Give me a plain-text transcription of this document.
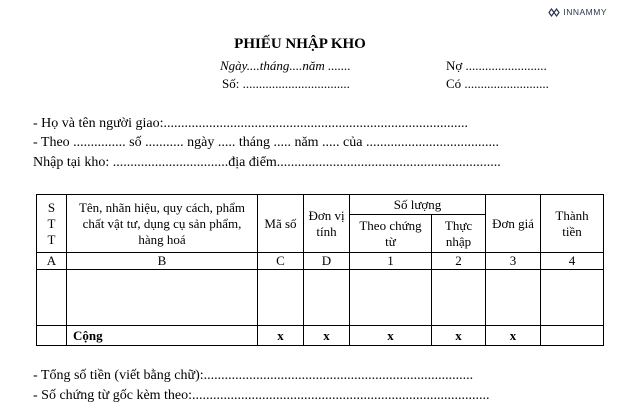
INNAMMY
PHIẾU NHẬP KHO
Ngày....tháng....năm .......
Số: .................................
Nợ .........................
Có ..........................
- Họ và tên người giao:.......................................................................................
- Theo ............... số ........... ngày ..... tháng ..... năm ..... của ......................................
Nhập tại kho: .................................địa điểm................................................................
S
T
T	Tên, nhãn hiệu, quy cách, phẩm chất vật tư, dụng cụ sản phẩm, hàng hoá	Mã số	Đơn vị tính	Số lượng		Đơn giá	Thành tiền
				Theo chứng từ	Thực nhập		
A	B	C	D	1	2	3	4

	Cộng	x	x	x	x	x	
- Tổng số tiền (viết bằng chữ):.............................................................................
- Số chứng từ gốc kèm theo:.....................................................................................
